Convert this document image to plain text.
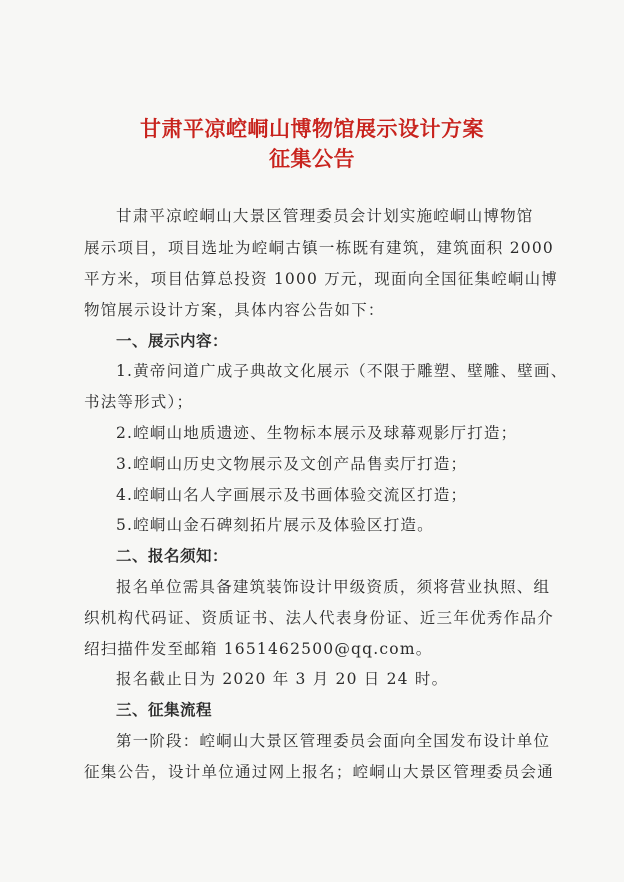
甘肃平凉崆峒山博物馆展示设计方案
征集公告

甘肃平凉崆峒山大景区管理委员会计划实施崆峒山博物馆

展示项目，项目选址为崆峒古镇一栋既有建筑，建筑面积 2000

平方米，项目估算总投资 1000 万元，现面向全国征集崆峒山博

物馆展示设计方案，具体内容公告如下：

一、展示内容：

1.黄帝问道广成子典故文化展示（不限于雕塑、壁雕、壁画、

书法等形式）；

2.崆峒山地质遗迹、生物标本展示及球幕观影厅打造；

3.崆峒山历史文物展示及文创产品售卖厅打造；

4.崆峒山名人字画展示及书画体验交流区打造；

5.崆峒山金石碑刻拓片展示及体验区打造。

二、报名须知：

报名单位需具备建筑装饰设计甲级资质，须将营业执照、组

织机构代码证、资质证书、法人代表身份证、近三年优秀作品介

绍扫描件发至邮箱 1651462500@qq.com。

报名截止日为 2020 年 3 月 20 日 24 时。

三、征集流程

第一阶段：崆峒山大景区管理委员会面向全国发布设计单位

征集公告，设计单位通过网上报名；崆峒山大景区管理委员会通
